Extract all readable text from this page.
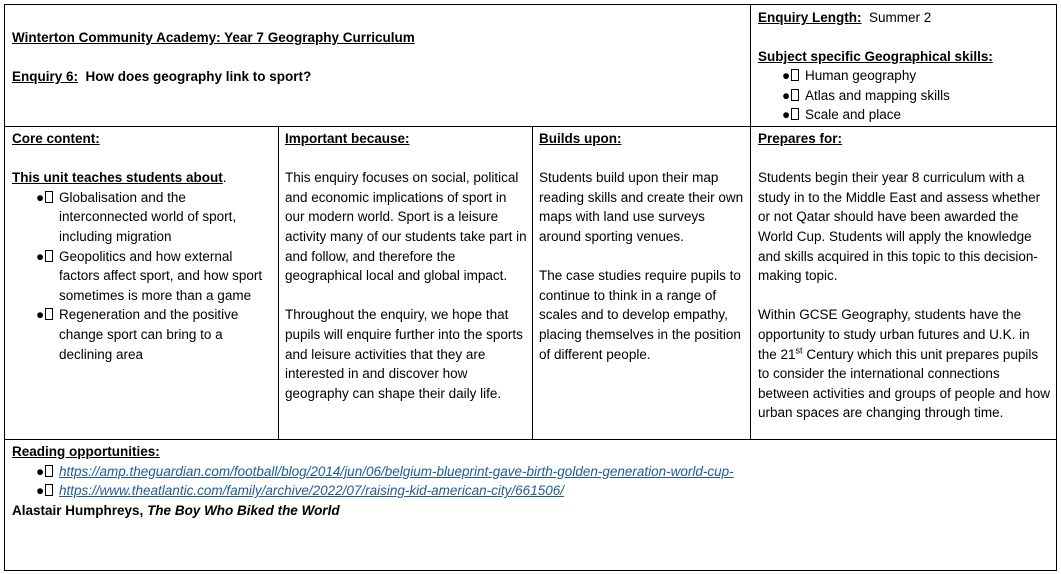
Winterton Community Academy: Year 7 Geography Curriculum
Enquiry 6: How does geography link to sport?
Enquiry Length: Summer 2
Subject specific Geographical skills:
●	Human geography
●	Atlas and mapping skills
●	Scale and place
Core content:
This unit teaches students about.
●	Globalisation and the interconnected world of sport, including migration
●	Geopolitics and how external factors affect sport, and how sport sometimes is more than a game
●	Regeneration and the positive change sport can bring to a declining area
Important because:
This enquiry focuses on social, political and economic implications of sport in our modern world. Sport is a leisure activity many of our students take part in and follow, and therefore the geographical local and global impact.
Throughout the enquiry, we hope that pupils will enquire further into the sports and leisure activities that they are interested in and discover how geography can shape their daily life.
Builds upon:
Students build upon their map reading skills and create their own maps with land use surveys around sporting venues.
The case studies require pupils to continue to think in a range of scales and to develop empathy, placing themselves in the position of different people.
Prepares for:
Students begin their year 8 curriculum with a study in to the Middle East and assess whether or not Qatar should have been awarded the World Cup. Students will apply the knowledge and skills acquired in this topic to this decision-making topic.
Within GCSE Geography, students have the opportunity to study urban futures and U.K. in the 21st Century which this unit prepares pupils to consider the international connections between activities and groups of people and how urban spaces are changing through time.
Reading opportunities:
●	https://amp.theguardian.com/football/blog/2014/jun/06/belgium-blueprint-gave-birth-golden-generation-world-cup-
●	https://www.theatlantic.com/family/archive/2022/07/raising-kid-american-city/661506/
Alastair Humphreys, The Boy Who Biked the World
